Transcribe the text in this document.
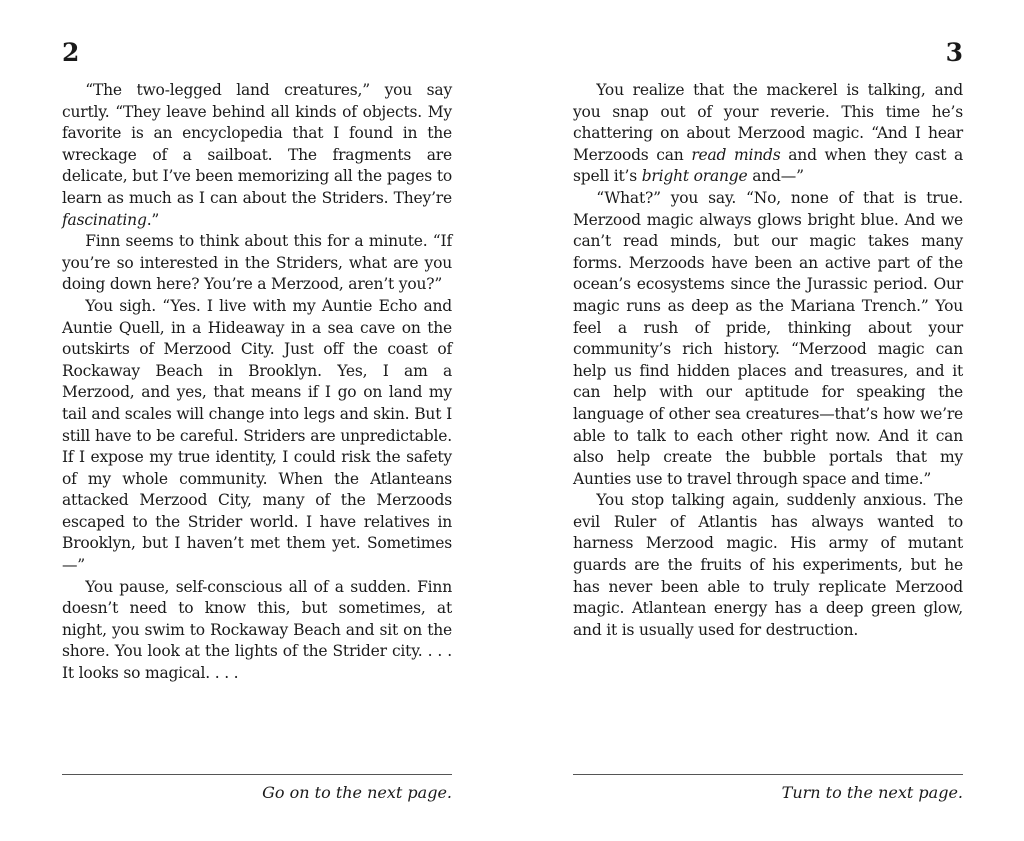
2

“The two-legged land creatures,” you say curtly. “They leave behind all kinds of objects. My favorite is an encyclopedia that I found in the wreckage of a sailboat. The fragments are delicate, but I’ve been memorizing all the pages to learn as much as I can about the Striders. They’re fascinating.”

Finn seems to think about this for a minute. “If you’re so interested in the Striders, what are you doing down here? You’re a Merzood, aren’t you?”

You sigh. “Yes. I live with my Auntie Echo and Auntie Quell, in a Hideaway in a sea cave on the outskirts of Merzood City. Just off the coast of Rockaway Beach in Brooklyn. Yes, I am a Merzood, and yes, that means if I go on land my tail and scales will change into legs and skin. But I still have to be careful. Striders are unpredictable. If I expose my true identity, I could risk the safety of my whole community. When the Atlanteans attacked Merzood City, many of the Merzoods escaped to the Strider world. I have relatives in Brooklyn, but I haven’t met them yet. Sometimes—”

You pause, self-conscious all of a sudden. Finn doesn’t need to know this, but sometimes, at night, you swim to Rockaway Beach and sit on the shore. You look at the lights of the Strider city. . . . It looks so magical. . . .

Go on to the next page.
3

You realize that the mackerel is talking, and you snap out of your reverie. This time he’s chattering on about Merzood magic. “And I hear Merzoods can read minds and when they cast a spell it’s bright orange and—”

“What?” you say. “No, none of that is true. Merzood magic always glows bright blue. And we can’t read minds, but our magic takes many forms. Merzoods have been an active part of the ocean’s ecosystems since the Jurassic period. Our magic runs as deep as the Mariana Trench.” You feel a rush of pride, thinking about your community’s rich history. “Merzood magic can help us find hidden places and treasures, and it can help with our aptitude for speaking the language of other sea creatures—that’s how we’re able to talk to each other right now. And it can also help create the bubble portals that my Aunties use to travel through space and time.”

You stop talking again, suddenly anxious. The evil Ruler of Atlantis has always wanted to harness Merzood magic. His army of mutant guards are the fruits of his experiments, but he has never been able to truly replicate Merzood magic. Atlantean energy has a deep green glow, and it is usually used for destruction.

Turn to the next page.
